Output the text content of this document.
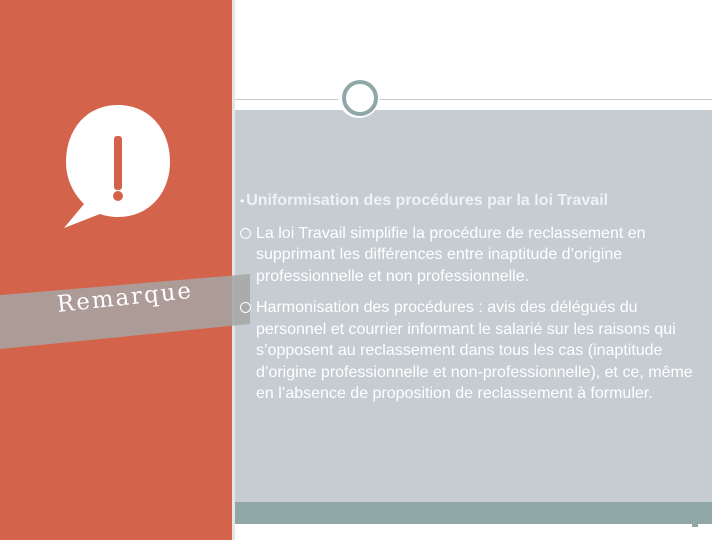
Remarque
• Uniformisation des procédures par la loi Travail
La loi Travail simplifie la procédure de reclassement en supprimant les différences entre inaptitude d’origine professionnelle et non professionnelle.
Harmonisation des procédures : avis des délégués du personnel et courrier informant le salarié sur les raisons qui s’opposent au reclassement dans tous les cas (inaptitude d’origine professionnelle et non-professionnelle), et ce, même en l’absence de proposition de reclassement à formuler.
